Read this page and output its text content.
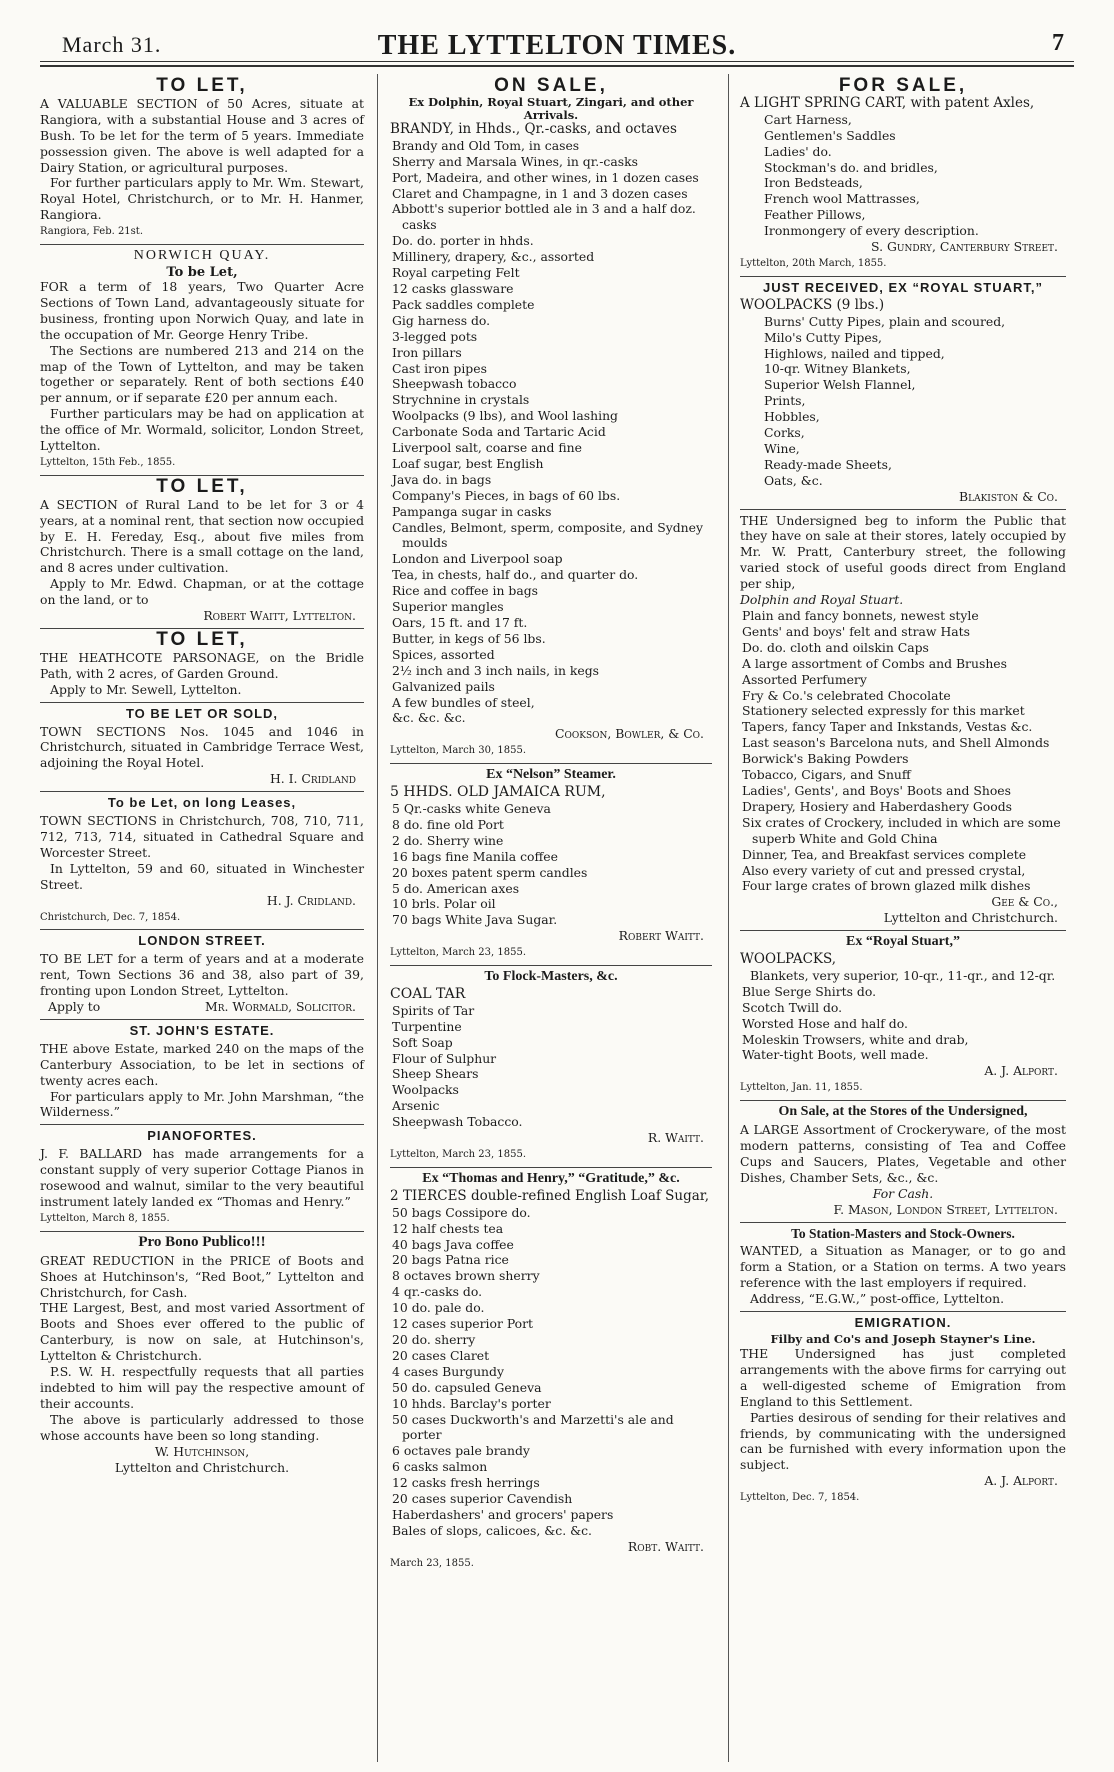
March 31.	THE LYTTELTON TIMES.	7
TO LET,

A VALUABLE SECTION of 50 Acres, situate at Rangiora, with a substantial House and 3 acres of Bush. To be let for the term of 5 years. Immediate possession given. The above is well adapted for a Dairy Station, or agricultural purposes.

For further particulars apply to Mr. Wm. Stewart, Royal Hotel, Christchurch, or to Mr. H. Hanmer, Rangiora.

Rangiora, Feb. 21st.
NORWICH QUAY.
To be Let,

FOR a term of 18 years, Two Quarter Acre Sections of Town Land, advantageously situate for business, fronting upon Norwich Quay, and late in the occupation of Mr. George Henry Tribe.

The Sections are numbered 213 and 214 on the map of the Town of Lyttelton, and may be taken together or separately. Rent of both sections £40 per annum, or if separate £20 per annum each.

Further particulars may be had on application at the office of Mr. Wormald, solicitor, London Street, Lyttelton.

Lyttelton, 15th Feb., 1855.
TO LET,

A SECTION of Rural Land to be let for 3 or 4 years, at a nominal rent, that section now occupied by E. H. Fereday, Esq., about five miles from Christchurch. There is a small cottage on the land, and 8 acres under cultivation.

Apply to Mr. Edwd. Chapman, or at the cottage on the land, or to

Robert Waitt, Lyttelton.
TO LET,

THE HEATHCOTE PARSONAGE, on the Bridle Path, with 2 acres, of Garden Ground.

Apply to Mr. Sewell, Lyttelton.

TO BE LET OR SOLD,

TOWN SECTIONS Nos. 1045 and 1046 in Christchurch, situated in Cambridge Terrace West, adjoining the Royal Hotel.

H. I. Cridland
To be Let, on long Leases,

TOWN SECTIONS in Christchurch, 708, 710, 711, 712, 713, 714, situated in Cathedral Square and Worcester Street.

In Lyttelton, 59 and 60, situated in Winchester Street.

H. J. Cridland.
Christchurch, Dec. 7, 1854.
LONDON STREET.

TO BE LET for a term of years and at a moderate rent, Town Sections 36 and 38, also part of 39, fronting upon London Street, Lyttelton.

Apply to	Mr. Wormald, Solicitor.
ST. JOHN'S ESTATE.

THE above Estate, marked 240 on the maps of the Canterbury Association, to be let in sections of twenty acres each.

For particulars apply to Mr. John Marshman, “the Wilderness.”

PIANOFORTES.

J. F. BALLARD has made arrangements for a constant supply of very superior Cottage Pianos in rosewood and walnut, similar to the very beautiful instrument lately landed ex “Thomas and Henry.”

Lyttelton, March 8, 1855.
Pro Bono Publico!!!

GREAT REDUCTION in the PRICE of Boots and Shoes at Hutchinson's, “Red Boot,” Lyttelton and Christchurch, for Cash.

THE Largest, Best, and most varied Assortment of Boots and Shoes ever offered to the public of Canterbury, is now on sale, at Hutchinson's, Lyttelton & Christchurch.

P.S. W. H. respectfully requests that all parties indebted to him will pay the respective amount of their accounts.

The above is particularly addressed to those whose accounts have been so long standing.

W. Hutchinson,
Lyttelton and Christchurch.
ON SALE,
Ex Dolphin, Royal Stuart, Zingari, and other Arrivals.

BRANDY, in Hhds., Qr.-casks, and octaves

Brandy and Old Tom, in cases
Sherry and Marsala Wines, in qr.-casks
Port, Madeira, and other wines, in 1 dozen cases
Claret and Champagne, in 1 and 3 dozen cases
Abbott's superior bottled ale in 3 and a half doz. casks
Do. do. porter in hhds.
Millinery, drapery, &c., assorted
Royal carpeting Felt
12 casks glassware
Pack saddles complete
Gig harness do.
3-legged pots
Iron pillars
Cast iron pipes
Sheepwash tobacco
Strychnine in crystals
Woolpacks (9 lbs), and Wool lashing
Carbonate Soda and Tartaric Acid
Liverpool salt, coarse and fine
Loaf sugar, best English
Java do. in bags
Company's Pieces, in bags of 60 lbs.
Pampanga sugar in casks
Candles, Belmont, sperm, composite, and Sydney moulds
London and Liverpool soap
Tea, in chests, half do., and quarter do.
Rice and coffee in bags
Superior mangles
Oars, 15 ft. and 17 ft.
Butter, in kegs of 56 lbs.
Spices, assorted
2½ inch and 3 inch nails, in kegs
Galvanized pails
A few bundles of steel,
&c. &c. &c.
Cookson, Bowler, & Co.
Lyttelton, March 30, 1855.
Ex “Nelson” Steamer.

5 HHDS. OLD JAMAICA RUM,

5 Qr.-casks white Geneva
8 do. fine old Port
2 do. Sherry wine
16 bags fine Manila coffee
20 boxes patent sperm candles
5 do. American axes
10 brls. Polar oil
70 bags White Java Sugar.
Robert Waitt.
Lyttelton, March 23, 1855.
To Flock-Masters, &c.

COAL TAR

Spirits of Tar
Turpentine
Soft Soap
Flour of Sulphur
Sheep Shears
Woolpacks
Arsenic
Sheepwash Tobacco.
R. Waitt.
Lyttelton, March 23, 1855.
Ex “Thomas and Henry,” “Gratitude,” &c.

2 TIERCES double-refined English Loaf Sugar,

50 bags Cossipore do.
12 half chests tea
40 bags Java coffee
20 bags Patna rice
8 octaves brown sherry
4 qr.-casks do.
10 do. pale do.
12 cases superior Port
20 do. sherry
20 cases Claret
4 cases Burgundy
50 do. capsuled Geneva
10 hhds. Barclay's porter
50 cases Duckworth's and Marzetti's ale and porter
6 octaves pale brandy
6 casks salmon
12 casks fresh herrings
20 cases superior Cavendish
Haberdashers' and grocers' papers
Bales of slops, calicoes, &c. &c.
Robt. Waitt.
March 23, 1855.
FOR SALE,

A LIGHT SPRING CART, with patent Axles,

Cart Harness,
Gentlemen's Saddles
Ladies' do.
Stockman's do. and bridles,
Iron Bedsteads,
French wool Mattrasses,
Feather Pillows,
Ironmongery of every description.
S. Gundry, Canterbury Street.
Lyttelton, 20th March, 1855.
JUST RECEIVED, EX “ROYAL STUART,”

WOOLPACKS (9 lbs.)

Burns' Cutty Pipes, plain and scoured,
Milo's Cutty Pipes,
Highlows, nailed and tipped,
10-qr. Witney Blankets,
Superior Welsh Flannel,
Prints,
Hobbles,
Corks,
Wine,
Ready-made Sheets,
Oats, &c.
Blakiston & Co.

THE Undersigned beg to inform the Public that they have on sale at their stores, lately occupied by Mr. W. Pratt, Canterbury street, the following varied stock of useful goods direct from England per ship,

Dolphin and Royal Stuart.
Plain and fancy bonnets, newest style
Gents' and boys' felt and straw Hats
Do. do. cloth and oilskin Caps
A large assortment of Combs and Brushes
Assorted Perfumery
Fry & Co.'s celebrated Chocolate
Stationery selected expressly for this market
Tapers, fancy Taper and Inkstands, Vestas &c.
Last season's Barcelona nuts, and Shell Almonds
Borwick's Baking Powders
Tobacco, Cigars, and Snuff
Ladies', Gents', and Boys' Boots and Shoes
Drapery, Hosiery and Haberdashery Goods
Six crates of Crockery, included in which are some superb White and Gold China
Dinner, Tea, and Breakfast services complete
Also every variety of cut and pressed crystal,
Four large crates of brown glazed milk dishes
Gee & Co.,
Lyttelton and Christchurch.
Ex “Royal Stuart,”

WOOLPACKS,

Blankets, very superior, 10-qr., 11-qr., and 12-qr.

Blue Serge Shirts do.
Scotch Twill do.
Worsted Hose and half do.
Moleskin Trowsers, white and drab,
Water-tight Boots, well made.
A. J. Alport.
Lyttelton, Jan. 11, 1855.
On Sale, at the Stores of the Undersigned,

A LARGE Assortment of Crockeryware, of the most modern patterns, consisting of Tea and Coffee Cups and Saucers, Plates, Vegetable and other Dishes, Chamber Sets, &c., &c.

For Cash.
F. Mason, London Street, Lyttelton.
To Station-Masters and Stock-Owners.

WANTED, a Situation as Manager, or to go and form a Station, or a Station on terms. A two years reference with the last employers if required.

Address, “E.G.W.,” post-office, Lyttelton.

EMIGRATION.
Filby and Co's and Joseph Stayner's Line.

THE Undersigned has just completed arrangements with the above firms for carrying out a well-digested scheme of Emigration from England to this Settlement.

Parties desirous of sending for their relatives and friends, by communicating with the undersigned can be furnished with every information upon the subject.

A. J. Alport.
Lyttelton, Dec. 7, 1854.
